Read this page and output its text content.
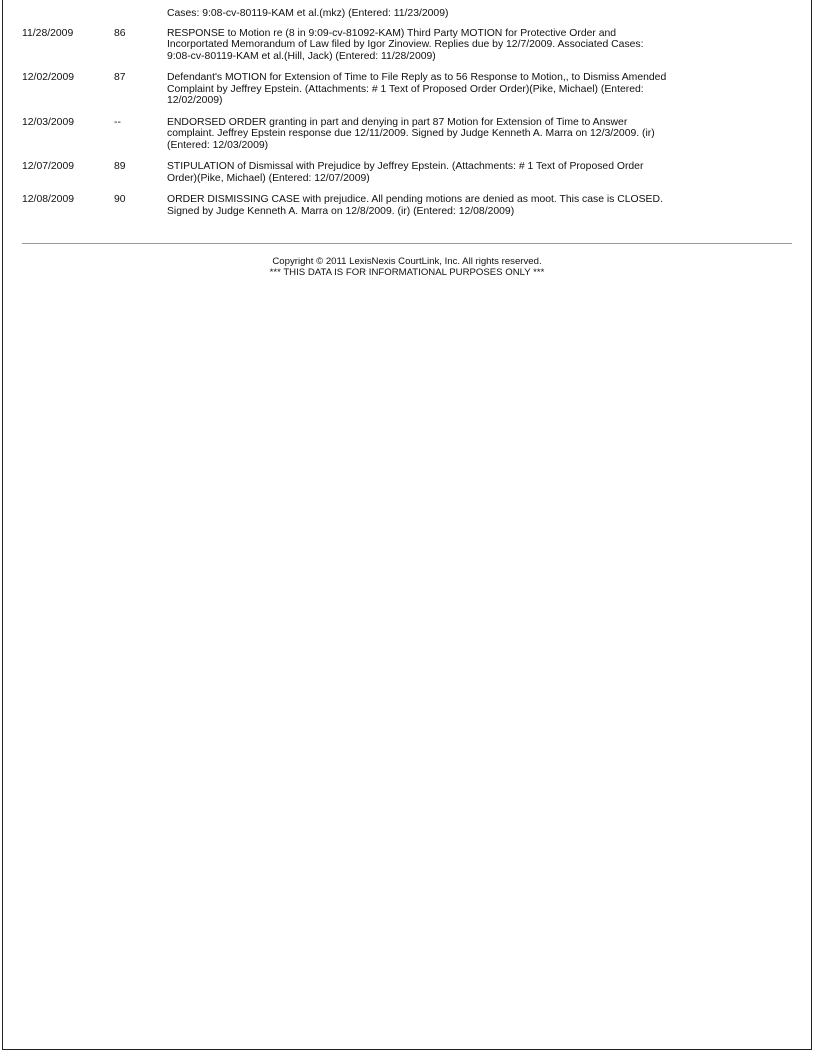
Cases: 9:08-cv-80119-KAM et al.(mkz) (Entered: 11/23/2009)
11/28/2009	86	RESPONSE to Motion re (8 in 9:09-cv-81092-KAM) Third Party MOTION for Protective Order and
Incorportated Memorandum of Law filed by Igor Zinoview. Replies due by 12/7/2009. Associated Cases:
9:08-cv-80119-KAM et al.(Hill, Jack) (Entered: 11/28/2009)
12/02/2009	87	Defendant's MOTION for Extension of Time to File Reply as to 56 Response to Motion,, to Dismiss Amended
Complaint by Jeffrey Epstein. (Attachments: # 1 Text of Proposed Order Order)(Pike, Michael) (Entered:
12/02/2009)
12/03/2009	--	ENDORSED ORDER granting in part and denying in part 87 Motion for Extension of Time to Answer
complaint. Jeffrey Epstein response due 12/11/2009. Signed by Judge Kenneth A. Marra on 12/3/2009. (ir)
(Entered: 12/03/2009)
12/07/2009	89	STIPULATION of Dismissal with Prejudice by Jeffrey Epstein. (Attachments: # 1 Text of Proposed Order
Order)(Pike, Michael) (Entered: 12/07/2009)
12/08/2009	90	ORDER DISMISSING CASE with prejudice. All pending motions are denied as moot. This case is CLOSED.
Signed by Judge Kenneth A. Marra on 12/8/2009. (ir) (Entered: 12/08/2009)
Copyright © 2011 LexisNexis CourtLink, Inc. All rights reserved.
*** THIS DATA IS FOR INFORMATIONAL PURPOSES ONLY ***
